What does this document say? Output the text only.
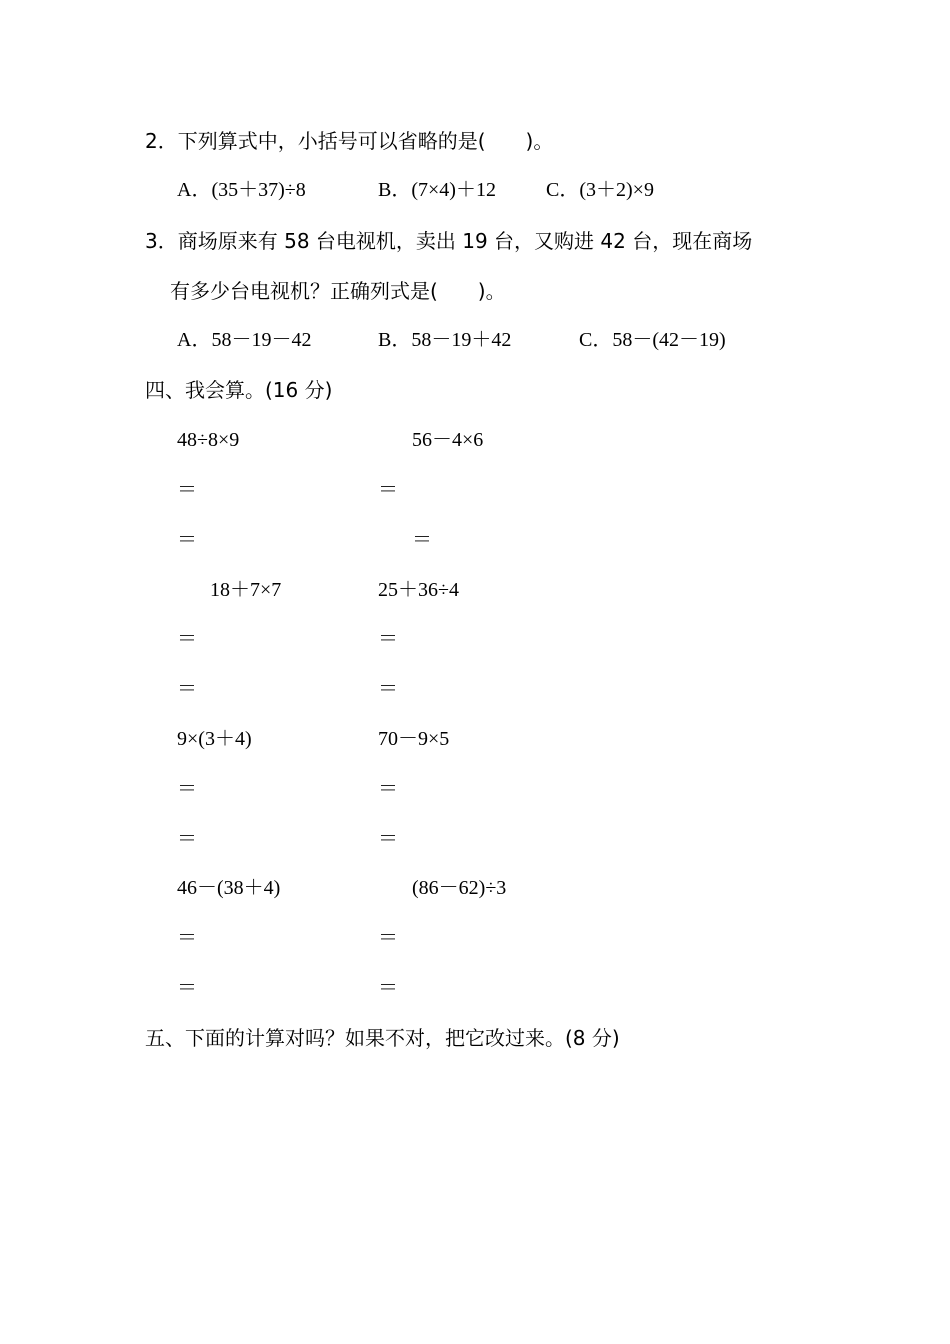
2．下列算式中，小括号可以省略的是(　　)。
A．(35＋37)÷8	B．(7×4)＋12	C．(3＋2)×9
3．商场原来有 58 台电视机，卖出 19 台，又购进 42 台，现在商场
有多少台电视机？正确列式是(　　)。
A．58－19－42	B．58－19＋42	C．58－(42－19)
四、我会算。(16 分)
48÷8×9	56－4×6
＝	＝
＝	＝
18＋7×7	25＋36÷4
＝	＝
＝	＝
9×(3＋4)	70－9×5
＝	＝
＝	＝
46－(38＋4)	(86－62)÷3
＝	＝
＝	＝
五、下面的计算对吗？如果不对，把它改过来。(8 分)
